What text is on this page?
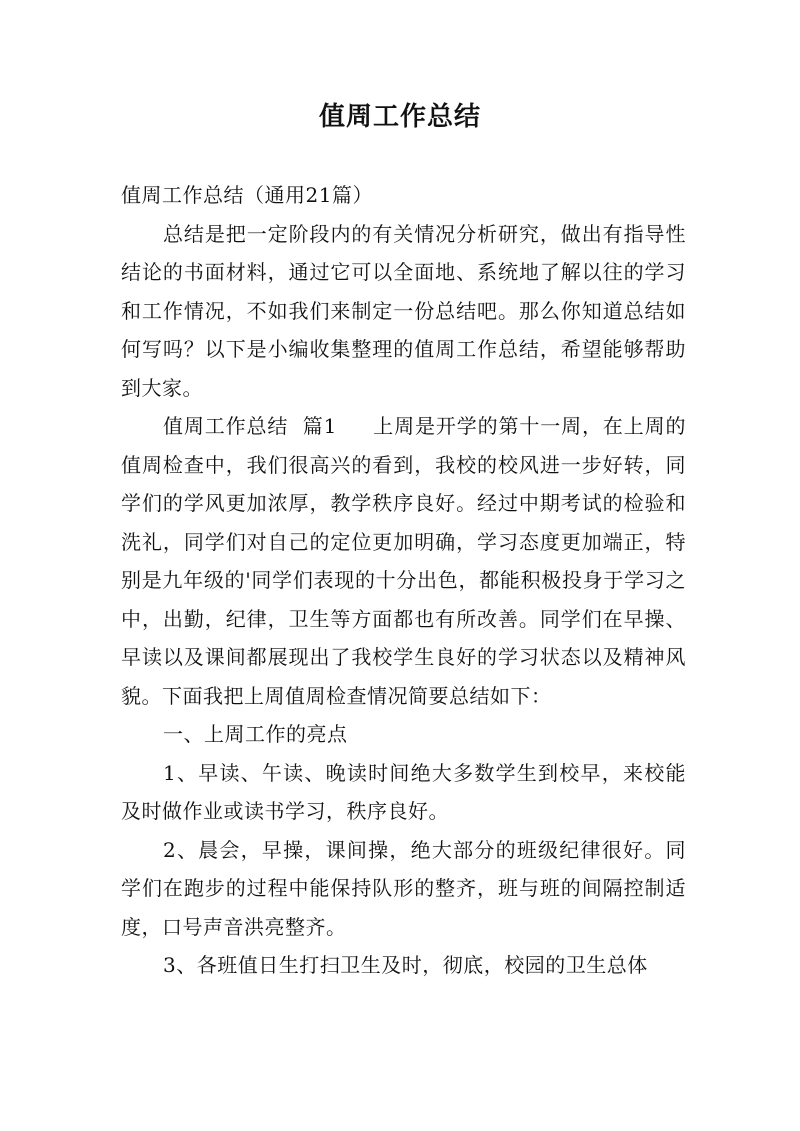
值周工作总结

值周工作总结（通用21篇）

总结是把一定阶段内的有关情况分析研究，做出有指导性结论的书面材料，通过它可以全面地、系统地了解以往的学习和工作情况，不如我们来制定一份总结吧。那么你知道总结如何写吗？以下是小编收集整理的值周工作总结，希望能够帮助到大家。

值周工作总结  篇1 上周是开学的第十一周，在上周的值周检查中，我们很高兴的看到，我校的校风进一步好转，同学们的学风更加浓厚，教学秩序良好。经过中期考试的检验和洗礼，同学们对自己的定位更加明确，学习态度更加端正，特别是九年级的'同学们表现的十分出色，都能积极投身于学习之中，出勤，纪律，卫生等方面都也有所改善。同学们在早操、早读以及课间都展现出了我校学生良好的学习状态以及精神风貌。下面我把上周值周检查情况简要总结如下：

一、上周工作的亮点

1、早读、午读、晚读时间绝大多数学生到校早，来校能及时做作业或读书学习，秩序良好。

2、晨会，早操，课间操，绝大部分的班级纪律很好。同学们在跑步的过程中能保持队形的整齐，班与班的间隔控制适度，口号声音洪亮整齐。

3、各班值日生打扫卫生及时，彻底，校园的卫生总体
